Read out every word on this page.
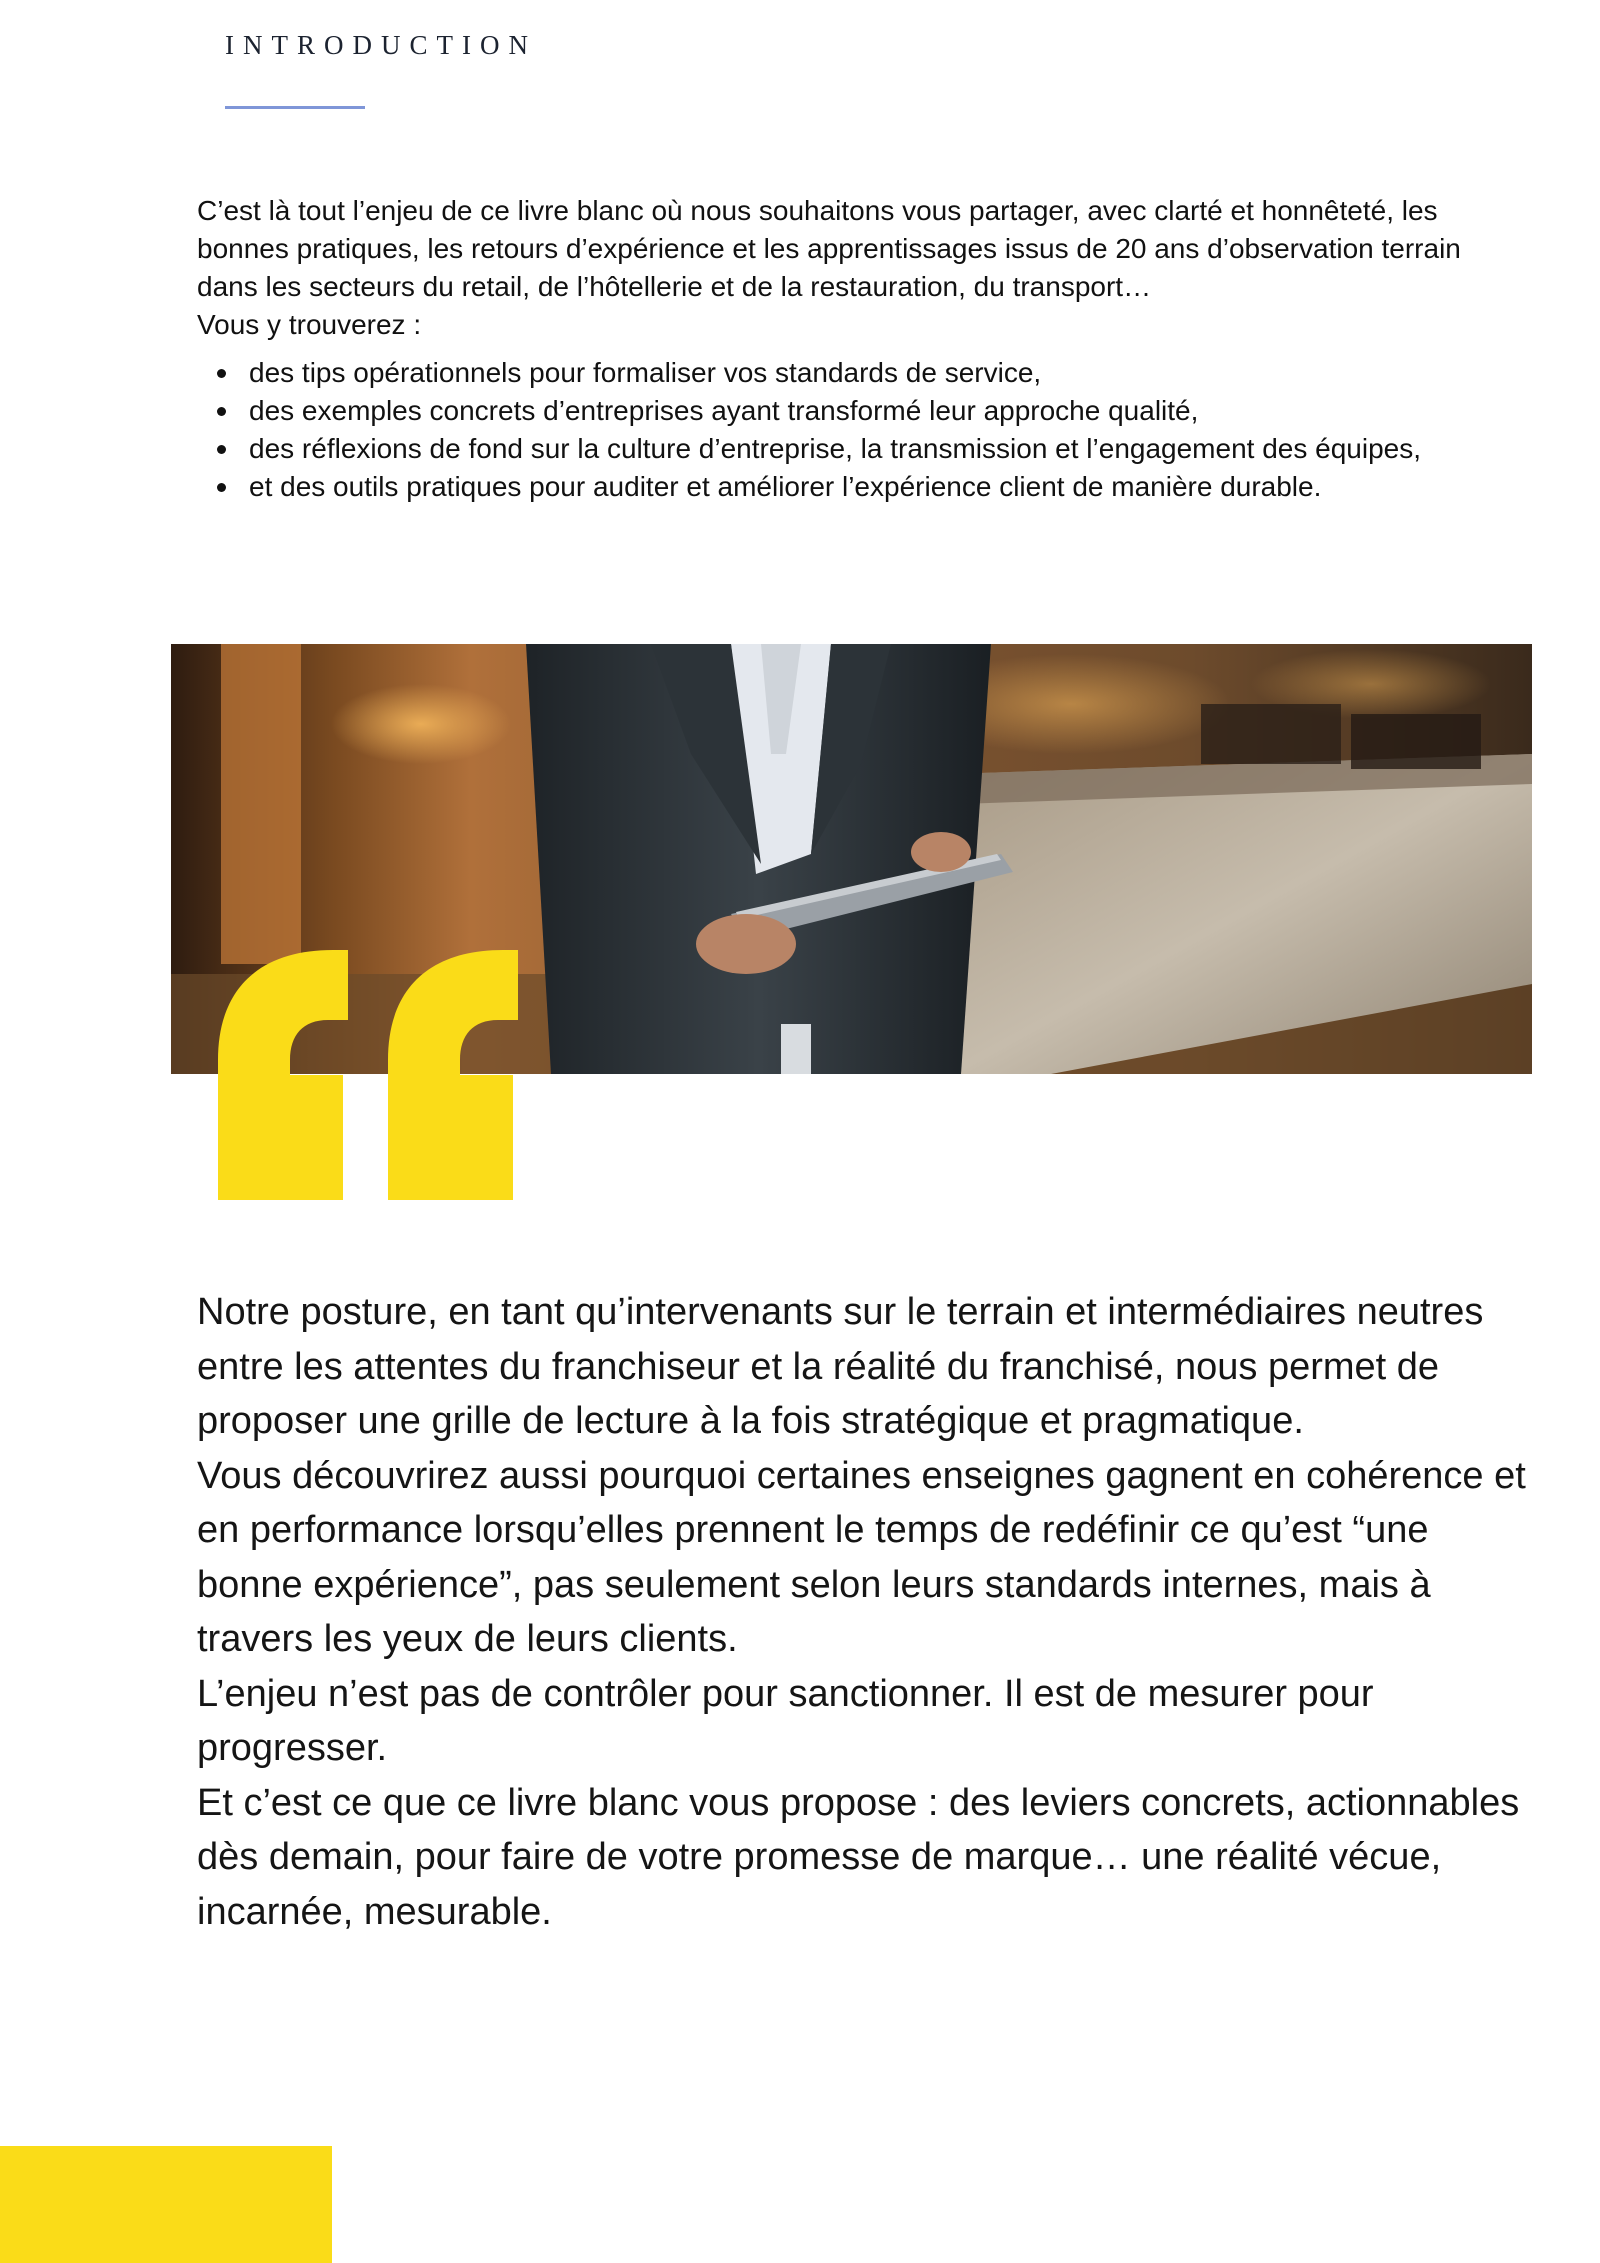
INTRODUCTION

C’est là tout l’enjeu de ce livre blanc où nous souhaitons vous partager, avec clarté et honnêteté, les bonnes pratiques, les retours d’expérience et les apprentissages issus de 20 ans d’observation terrain dans les secteurs du retail, de l’hôtellerie et de la restauration, du transport…

Vous y trouverez :

des tips opérationnels pour formaliser vos standards de service,
des exemples concrets d’entreprises ayant transformé leur approche qualité,
des réflexions de fond sur la culture d’entreprise, la transmission et l’engagement des équipes,
et des outils pratiques pour auditer et améliorer l’expérience client de manière durable.

Notre posture, en tant qu’intervenants sur le terrain et intermédiaires neutres entre les attentes du franchiseur et la réalité du franchisé, nous permet de proposer une grille de lecture à la fois stratégique et pragmatique.

Vous découvrirez aussi pourquoi certaines enseignes gagnent en cohérence et en performance lorsqu’elles prennent le temps de redéfinir ce qu’est “une bonne expérience”, pas seulement selon leurs standards internes, mais à travers les yeux de leurs clients.

L’enjeu n’est pas de contrôler pour sanctionner. Il est de mesurer pour progresser.

Et c’est ce que ce livre blanc vous propose : des leviers concrets, actionnables dès demain, pour faire de votre promesse de marque… une réalité vécue, incarnée, mesurable.
